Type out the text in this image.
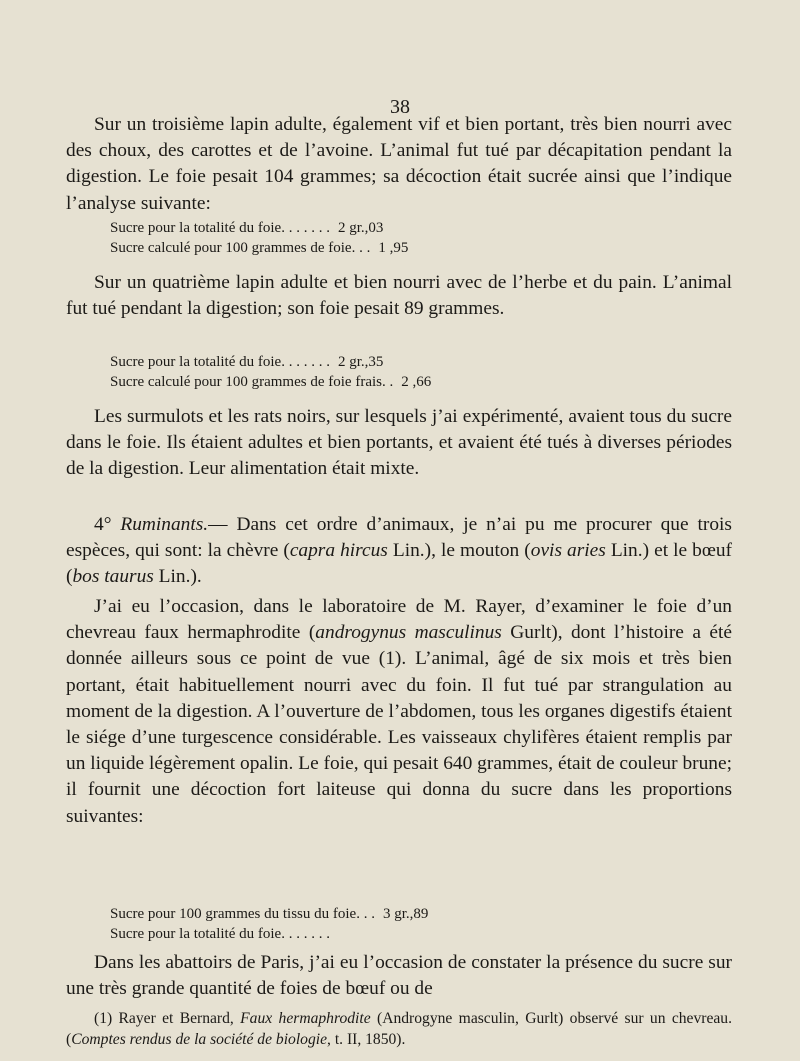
38

Sur un troisième lapin adulte, également vif et bien portant, très bien nourri avec des choux, des carottes et de l’avoine. L’animal fut tué par décapitation pendant la digestion. Le foie pesait 104 grammes; sa décoction était sucrée ainsi que l’indique l’analyse suivante:

Sucre pour la totalité du foie. . . . . . . 2 gr.,03
Sucre calculé pour 100 grammes de foie. . . 1 ,95

Sur un quatrième lapin adulte et bien nourri avec de l’herbe et du pain. L’animal fut tué pendant la digestion; son foie pesait 89 grammes.

Sucre pour la totalité du foie. . . . . . . 2 gr.,35
Sucre calculé pour 100 grammes de foie frais. . 2 ,66

Les surmulots et les rats noirs, sur lesquels j’ai expérimenté, avaient tous du sucre dans le foie. Ils étaient adultes et bien portants, et avaient été tués à diverses périodes de la digestion. Leur alimentation était mixte.

4° Ruminants.— Dans cet ordre d’animaux, je n’ai pu me procurer que trois espèces, qui sont: la chèvre (capra hircus Lin.), le mouton (ovis aries Lin.) et le bœuf (bos taurus Lin.).

J’ai eu l’occasion, dans le laboratoire de M. Rayer, d’examiner le foie d’un chevreau faux hermaphrodite (androgynus masculinus Gurlt), dont l’histoire a été donnée ailleurs sous ce point de vue (1). L’animal, âgé de six mois et très bien portant, était habituellement nourri avec du foin. Il fut tué par strangulation au moment de la digestion. A l’ouverture de l’abdomen, tous les organes digestifs étaient le siége d’une turgescence considérable. Les vaisseaux chylifères étaient remplis par un liquide légèrement opalin. Le foie, qui pesait 640 grammes, était de couleur brune; il fournit une décoction fort laiteuse qui donna du sucre dans les proportions suivantes:

Sucre pour 100 grammes du tissu du foie. . . 3 gr.,89
Sucre pour la totalité du foie. . . . . . .

Dans les abattoirs de Paris, j’ai eu l’occasion de constater la présence du sucre sur une très grande quantité de foies de bœuf ou de

(1) Rayer et Bernard, Faux hermaphrodite (Androgyne masculin, Gurlt) observé sur un chevreau. (Comptes rendus de la société de biologie, t. II, 1850).
